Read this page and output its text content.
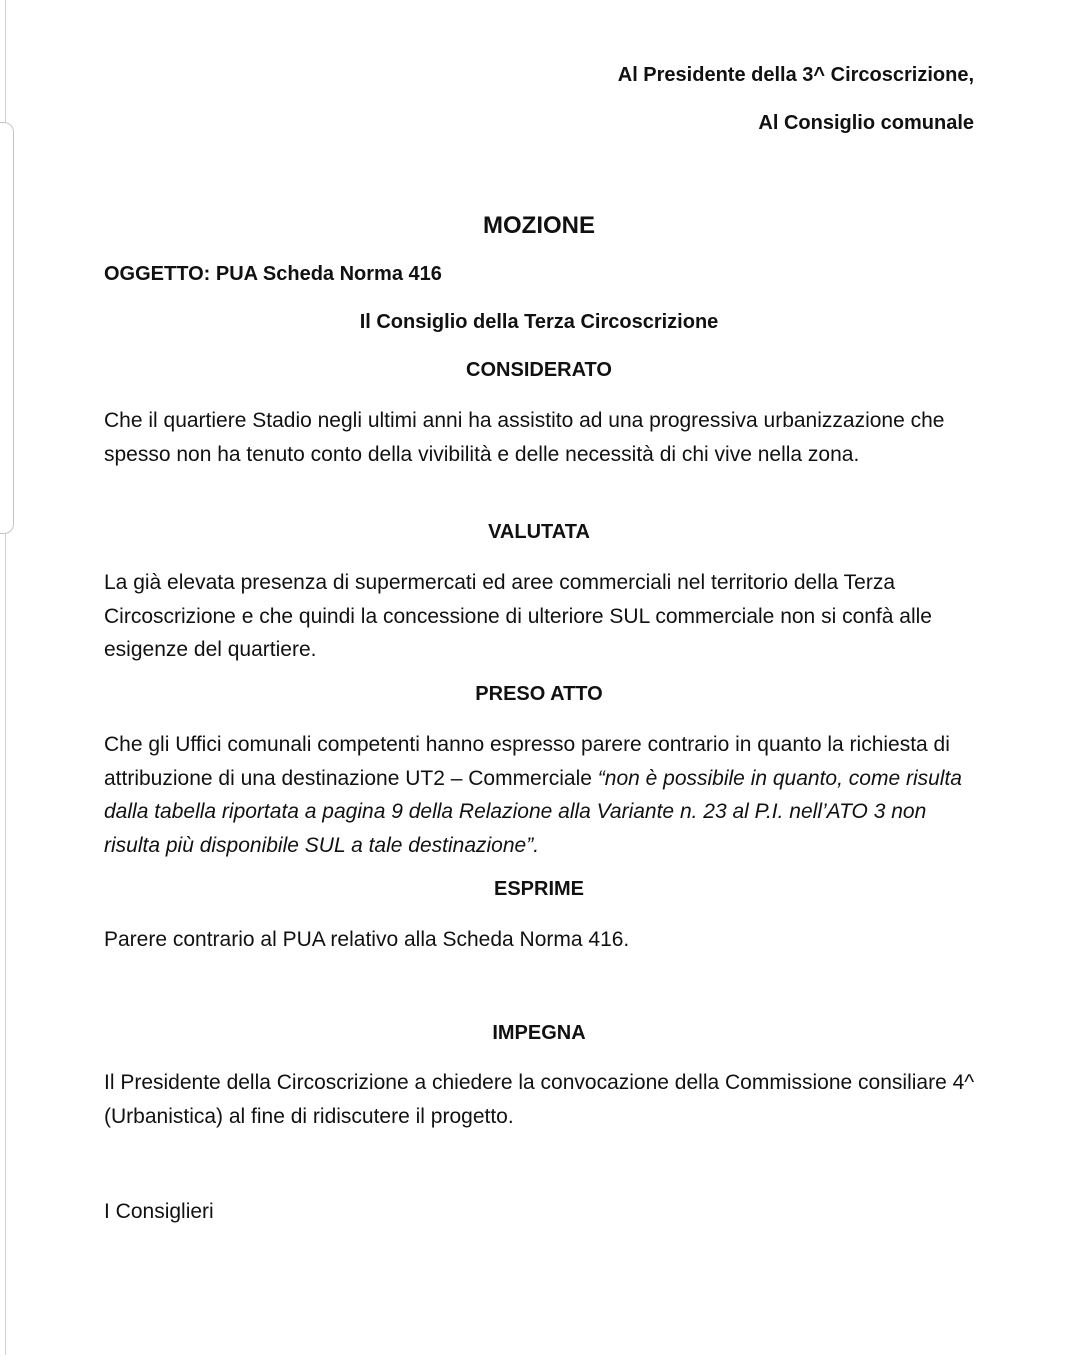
Al Presidente della 3^ Circoscrizione,
Al Consiglio comunale
MOZIONE
OGGETTO: PUA Scheda Norma 416
Il Consiglio della Terza Circoscrizione
CONSIDERATO

Che il quartiere Stadio negli ultimi anni ha assistito ad una progressiva urbanizzazione che spesso non ha tenuto conto della vivibilità e delle necessità di chi vive nella zona.

VALUTATA

La già elevata presenza di supermercati ed aree commerciali nel territorio della Terza Circoscrizione e che quindi la concessione di ulteriore SUL commerciale non si confà alle esigenze del quartiere.

PRESO ATTO

Che gli Uffici comunali competenti hanno espresso parere contrario in quanto la richiesta di attribuzione di una destinazione UT2 – Commerciale “non è possibile in quanto, come risulta dalla tabella riportata a pagina 9 della Relazione alla Variante n. 23 al P.I. nell’ATO 3 non risulta più disponibile SUL a tale destinazione”.

ESPRIME

Parere contrario al PUA relativo alla Scheda Norma 416.

IMPEGNA

Il Presidente della Circoscrizione a chiedere la convocazione della Commissione consiliare 4^ (Urbanistica) al fine di ridiscutere il progetto.

I Consiglieri
